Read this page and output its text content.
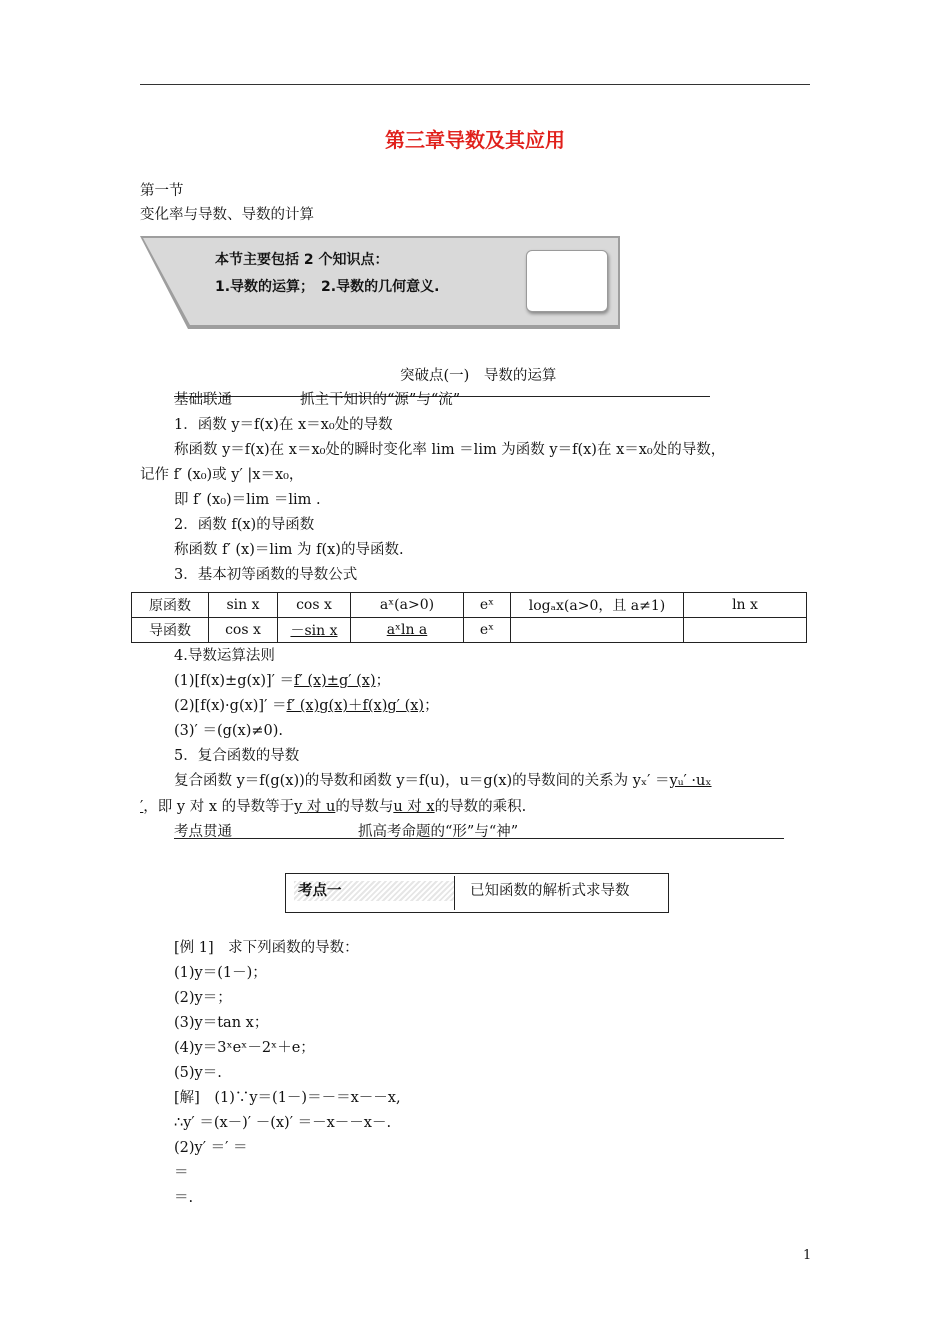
第三章导数及其应用
第一节
变化率与导数、导数的计算
本节主要包括 2 个知识点：
1.导数的运算；　2.导数的几何意义.
突破点(一)　导数的运算
基础联通	抓主干知识的“源”与“流”
1．函数 y＝f(x)在 x＝x₀处的导数
称函数 y＝f(x)在 x＝x₀处的瞬时变化率 lim ＝lim 为函数 y＝f(x)在 x＝x₀处的导数，
记作 f′ (x₀)或 y′ |x＝x₀，
即 f′ (x₀)＝lim ＝lim .
2．函数 f(x)的导函数
称函数 f′ (x)＝lim 为 f(x)的导函数.
3．基本初等函数的导数公式
原函数	sin x	cos x	aˣ(a>0)	eˣ	logₐx(a>0，且 a≠1)	ln x
导函数	cos x	－sin x	aˣln a	eˣ		
4.导数运算法则
(1)[f(x)±g(x)]′ ＝f′ (x)±g′ (x)；
(2)[f(x)·g(x)]′ ＝f′ (x)g(x)＋f(x)g′ (x)；
(3)′ ＝(g(x)≠0).
5．复合函数的导数
复合函数 y＝f(g(x))的导数和函数 y＝f(u)，u＝g(x)的导数间的关系为 yₓ′ ＝yᵤ′ ·uₓ
′，即 y 对 x 的导数等于y 对 u的导数与u 对 x的导数的乘积.
考点贯通	抓高考命题的“形”与“神”
考点一	已知函数的解析式求导数
[例 1]　求下列函数的导数：
(1)y＝(1－)；
(2)y＝；
(3)y＝tan x；
(4)y＝3ˣeˣ－2ˣ＋e；
(5)y＝.
[解]　(1)∵y＝(1－)＝－＝x－－x,
∴y′ ＝(x－)′ －(x)′ ＝－x－－x－.
(2)y′ ＝′ ＝
＝
＝.
1
